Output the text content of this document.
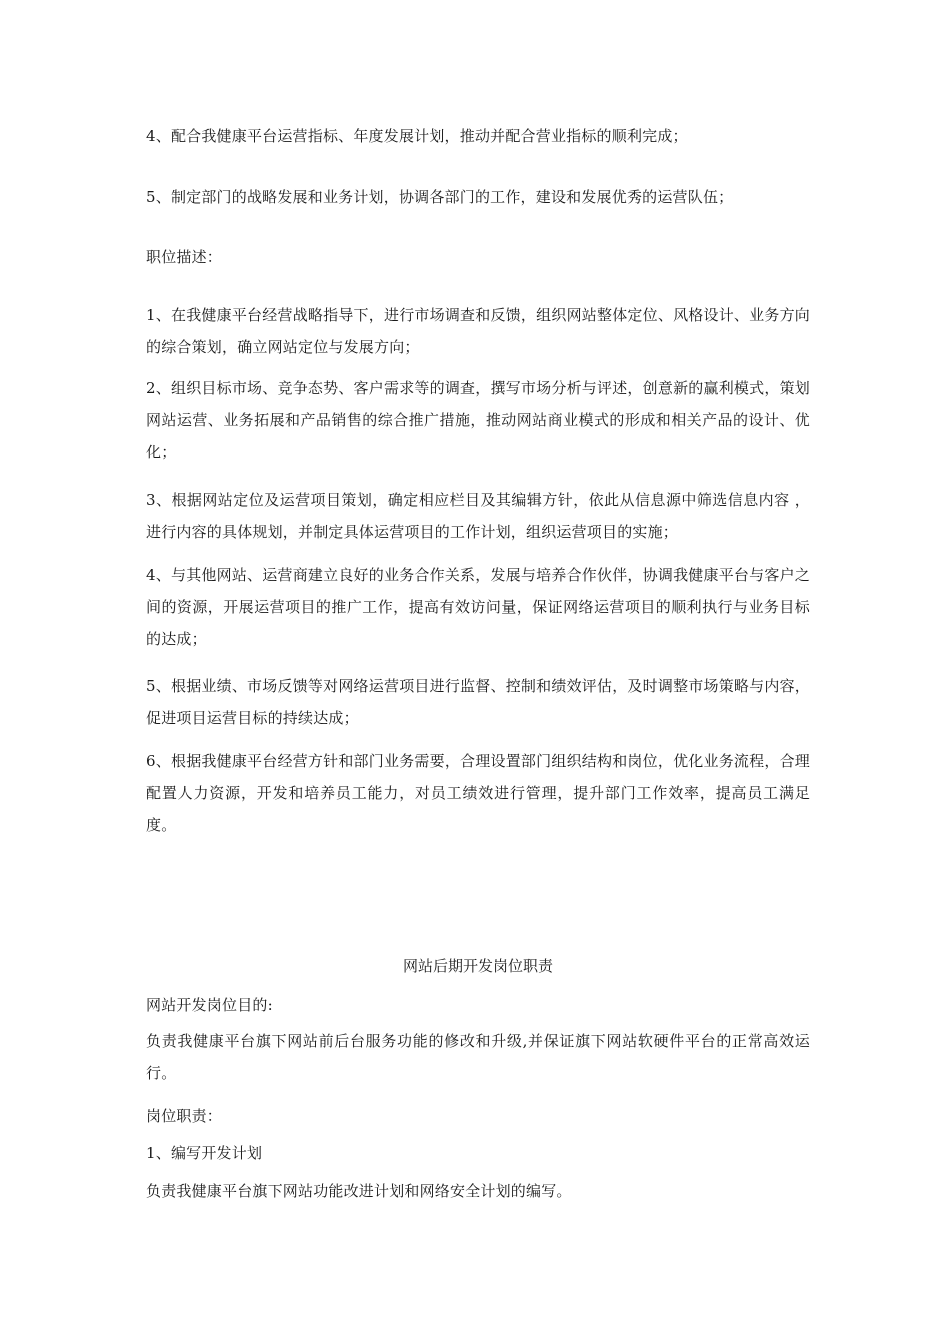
4、配合我健康平台运营指标、年度发展计划，推动并配合营业指标的顺利完成；

5、制定部门的战略发展和业务计划，协调各部门的工作，建设和发展优秀的运营队伍；

职位描述：

1、在我健康平台经营战略指导下，进行市场调查和反馈，组织网站整体定位、风格设计、业务方向的综合策划，确立网站定位与发展方向；

2、组织目标市场、竞争态势、客户需求等的调查，撰写市场分析与评述，创意新的赢利模式，策划网站运营、业务拓展和产品销售的综合推广措施，推动网站商业模式的形成和相关产品的设计、优化；

3、根据网站定位及运营项目策划，确定相应栏目及其编辑方针，依此从信息源中筛选信息内容 ，进行内容的具体规划，并制定具体运营项目的工作计划，组织运营项目的实施；

4、与其他网站、运营商建立良好的业务合作关系，发展与培养合作伙伴，协调我健康平台与客户之间的资源，开展运营项目的推广工作，提高有效访问量，保证网络运营项目的顺利执行与业务目标的达成；

5、根据业绩、市场反馈等对网络运营项目进行监督、控制和绩效评估，及时调整市场策略与内容，促进项目运营目标的持续达成；

6、根据我健康平台经营方针和部门业务需要，合理设置部门组织结构和岗位，优化业务流程，合理配置人力资源，开发和培养员工能力，对员工绩效进行管理，提升部门工作效率，提高员工满足度。

网站后期开发岗位职责

网站开发岗位目的:

负责我健康平台旗下网站前后台服务功能的修改和升级,并保证旗下网站软硬件平台的正常高效运行。

岗位职责：

1、编写开发计划

负责我健康平台旗下网站功能改进计划和网络安全计划的编写。
